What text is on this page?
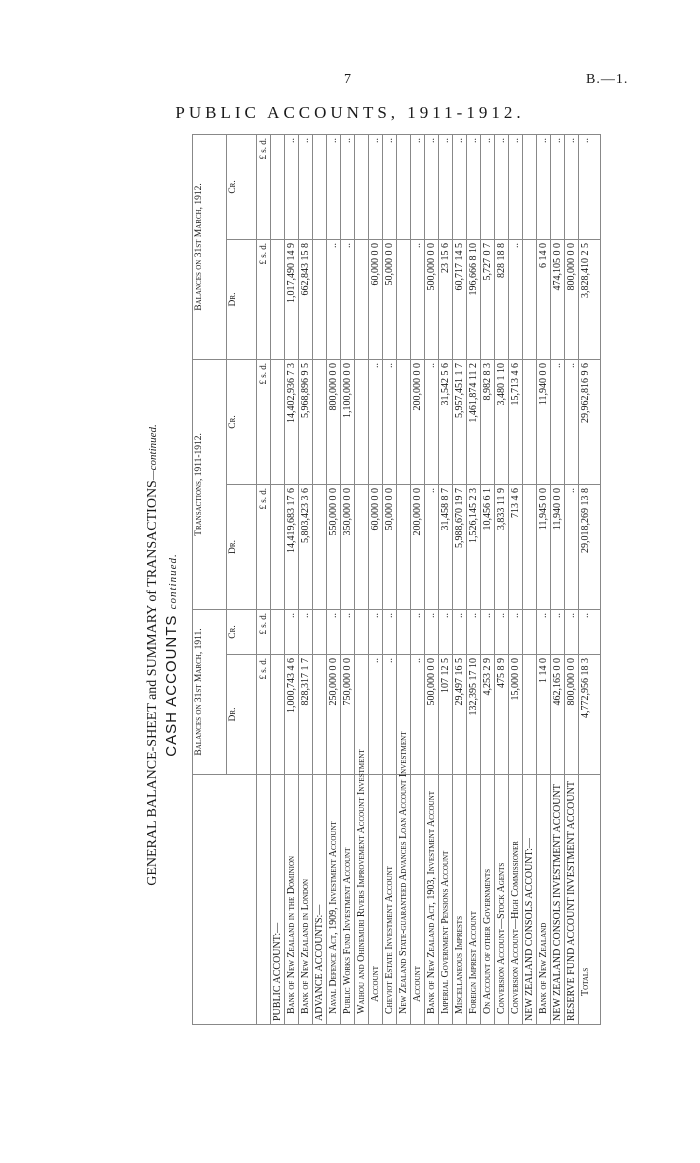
7	B.—1.
PUBLIC ACCOUNTS, 1911-1912.
GENERAL BALANCE-SHEET and SUMMARY of TRANSACTIONS—continued.
CASH ACCOUNTS continued.
	Balances on 31st March, 1911.		Transactions, 1911-1912.		Balances on 31st March, 1912.	
	Dr.	Cr.	Dr.	Cr.	Dr.	Cr.
	£ s. d.	£ s. d.	£ s. d.	£ s. d.	£ s. d.	£ s. d.
PUBLIC ACCOUNT:—						
Bank of New Zealand in the Dominion	1,000,743 4 6	..	14,419,683 17 6	14,402,936 7 3	1,017,490 14 9	..
Bank of New Zealand in London	828,317 1 7	..	5,803,423 3 6	5,968,896 9 5	662,843 15 8	..
ADVANCE ACCOUNTS:—						
Naval Defence Act, 1909, Investment Account	250,000 0 0	..	550,000 0 0	800,000 0 0	..	..
Public Works Fund Investment Account	750,000 0 0	..	350,000 0 0	1,100,000 0 0	..	..
Waihou and Ohinemuri Rivers Improvement Account Investment						
Account	..	..	60,000 0 0	..	60,000 0 0	..
Cheviot Estate Investment Account	..	..	50,000 0 0	..	50,000 0 0	..
New Zealand State-guaranteed Advances Loan Account Investment						
Account	..	..	200,000 0 0	200,000 0 0	..	..
Bank of New Zealand Act, 1903, Investment Account	500,000 0 0	..	..	..	500,000 0 0	..
Imperial Government Pensions Account	107 12 5	..	31,458 8 7	31,542 5 6	23 15 6	..
Miscellaneous Imprests	29,497 16 5	..	5,988,670 19 7	5,957,451 1 7	60,717 14 5	..
Foreign Imprest Account	132,395 17 10	..	1,526,145 2 3	1,461,874 11 2	196,666 8 10	..
On Account of other Governments	4,253 2 9	..	10,456 6 1	8,982 8 3	5,727 0 7	..
Conversion Account—Stock Agents	475 8 9	..	3,833 11 9	3,480 1 10	828 18 8	..
Conversion Account—High Commissioner	15,000 0 0	..	713 4 6	15,713 4 6	..	..
NEW ZEALAND CONSOLS ACCOUNT:—						
Bank of New Zealand	1 14 0	..	11,945 0 0	11,940 0 0	6 14 0	..
NEW ZEALAND CONSOLS INVESTMENT ACCOUNT	462,165 0 0	..	11,940 0 0	..	474,105 0 0	..
RESERVE FUND ACCOUNT INVESTMENT ACCOUNT	800,000 0 0	..	..	..	800,000 0 0	..
Totals	4,772,956 18 3	..	29,018,269 13 8	29,962,816 9 6	3,828,410 2 5	..
